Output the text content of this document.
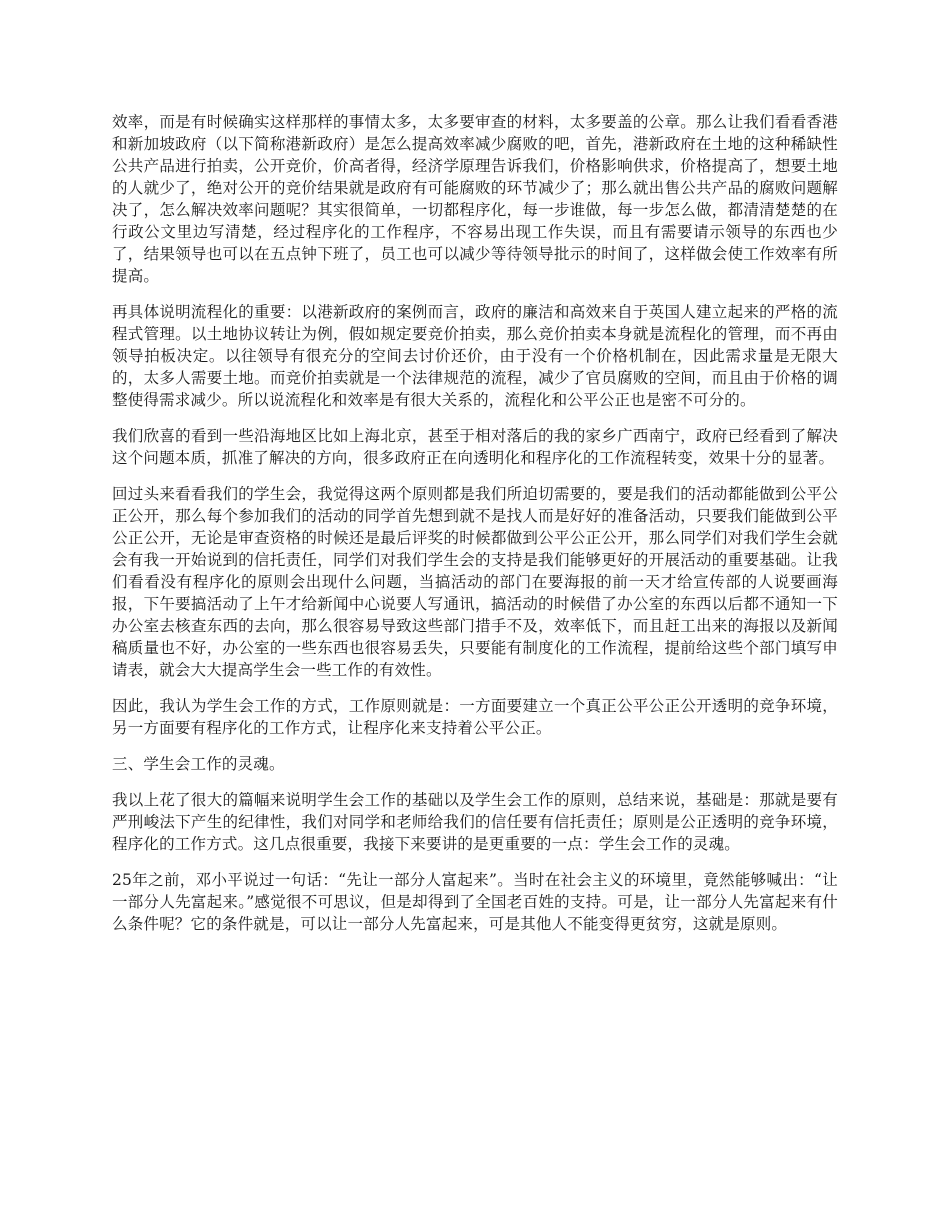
效率，而是有时候确实这样那样的事情太多，太多要审查的材料，太多要盖的公章。那么让我们看看香港和新加坡政府（以下简称港新政府）是怎么提高效率减少腐败的吧，首先，港新政府在土地的这种稀缺性公共产品进行拍卖，公开竞价，价高者得，经济学原理告诉我们，价格影响供求，价格提高了，想要土地的人就少了，绝对公开的竞价结果就是政府有可能腐败的环节减少了；那么就出售公共产品的腐败问题解决了，怎么解决效率问题呢？其实很简单，一切都程序化，每一步谁做，每一步怎么做，都清清楚楚的在行政公文里边写清楚，经过程序化的工作程序，不容易出现工作失误，而且有需要请示领导的东西也少了，结果领导也可以在五点钟下班了，员工也可以减少等待领导批示的时间了，这样做会使工作效率有所提高。

再具体说明流程化的重要：以港新政府的案例而言，政府的廉洁和高效来自于英国人建立起来的严格的流程式管理。以土地协议转让为例，假如规定要竞价拍卖，那么竞价拍卖本身就是流程化的管理，而不再由领导拍板决定。以往领导有很充分的空间去讨价还价，由于没有一个价格机制在，因此需求量是无限大的，太多人需要土地。而竞价拍卖就是一个法律规范的流程，减少了官员腐败的空间，而且由于价格的调整使得需求减少。所以说流程化和效率是有很大关系的，流程化和公平公正也是密不可分的。

我们欣喜的看到一些沿海地区比如上海北京，甚至于相对落后的我的家乡广西南宁，政府已经看到了解决这个问题本质，抓准了解决的方向，很多政府正在向透明化和程序化的工作流程转变，效果十分的显著。

回过头来看看我们的学生会，我觉得这两个原则都是我们所迫切需要的，要是我们的活动都能做到公平公正公开，那么每个参加我们的活动的同学首先想到就不是找人而是好好的准备活动，只要我们能做到公平公正公开，无论是审查资格的时候还是最后评奖的时候都做到公平公正公开，那么同学们对我们学生会就会有我一开始说到的信托责任，同学们对我们学生会的支持是我们能够更好的开展活动的重要基础。让我们看看没有程序化的原则会出现什么问题，当搞活动的部门在要海报的前一天才给宣传部的人说要画海报，下午要搞活动了上午才给新闻中心说要人写通讯，搞活动的时候借了办公室的东西以后都不通知一下办公室去核查东西的去向，那么很容易导致这些部门措手不及，效率低下，而且赶工出来的海报以及新闻稿质量也不好，办公室的一些东西也很容易丢失，只要能有制度化的工作流程，提前给这些个部门填写申请表，就会大大提高学生会一些工作的有效性。

因此，我认为学生会工作的方式，工作原则就是：一方面要建立一个真正公平公正公开透明的竞争环境，另一方面要有程序化的工作方式，让程序化来支持着公平公正。

三、学生会工作的灵魂。

我以上花了很大的篇幅来说明学生会工作的基础以及学生会工作的原则，总结来说，基础是：那就是要有严刑峻法下产生的纪律性，我们对同学和老师给我们的信任要有信托责任；原则是公正透明的竞争环境，程序化的工作方式。这几点很重要，我接下来要讲的是更重要的一点：学生会工作的灵魂。

25年之前，邓小平说过一句话：“先让一部分人富起来”。当时在社会主义的环境里，竟然能够喊出：“让一部分人先富起来。”感觉很不可思议，但是却得到了全国老百姓的支持。可是，让一部分人先富起来有什么条件呢？它的条件就是，可以让一部分人先富起来，可是其他人不能变得更贫穷，这就是原则。
